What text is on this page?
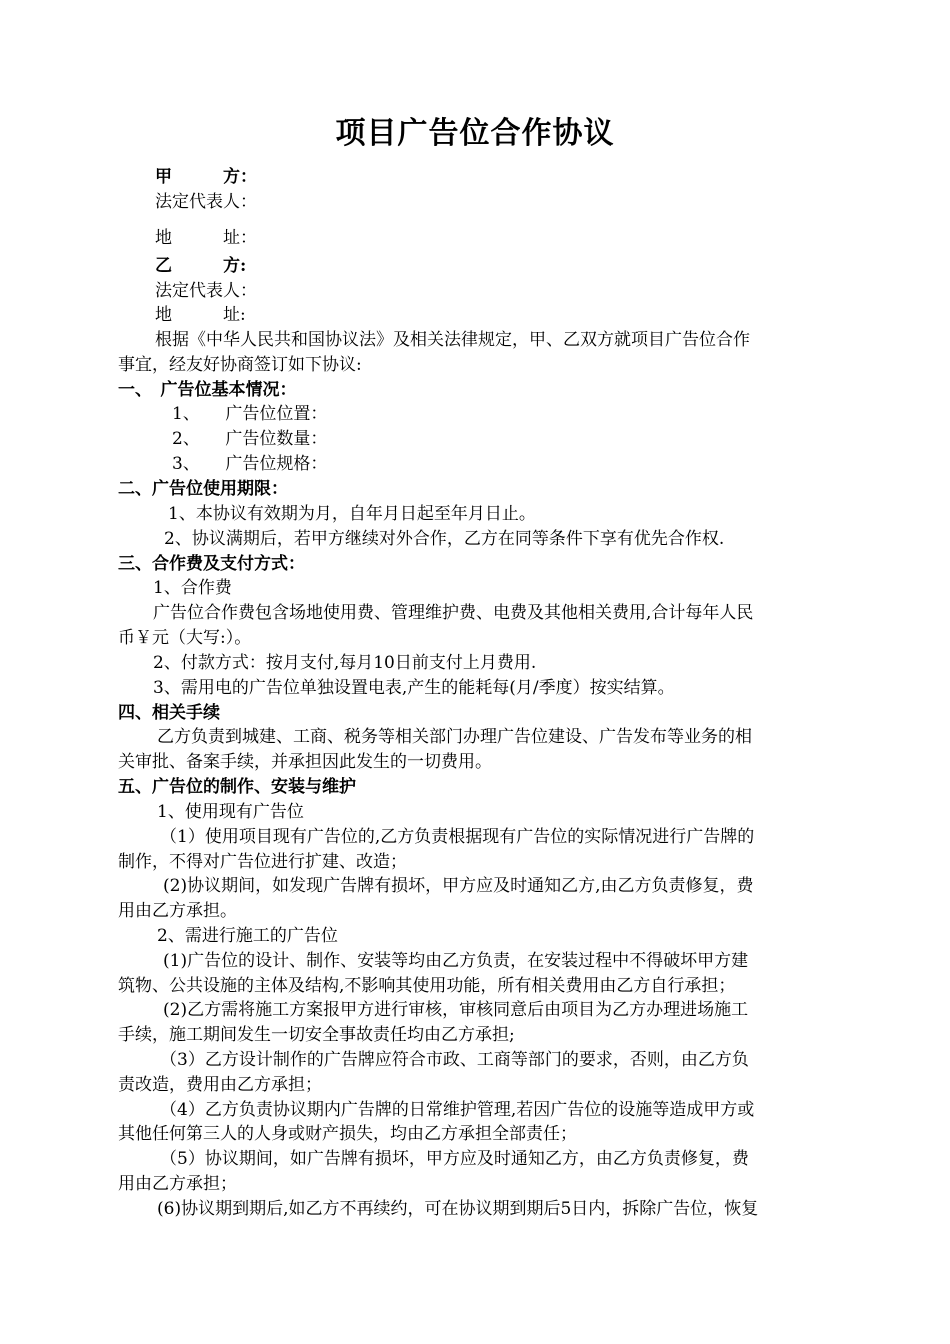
项目广告位合作协议
甲　　　方：
法定代表人：
地　　　址：
乙　　　方:
法定代表人：
地　　　址:
根据《中华人民共和国协议法》及相关法律规定，甲、乙双方就项目广告位合作
事宜，经友好协商签订如下协议:
一、　广告位基本情况：
1、　　广告位位置：
2、　　广告位数量：
3、　　广告位规格：
二、广告位使用期限：
1、本协议有效期为月，自年月日起至年月日止。
2、协议满期后，若甲方继续对外合作，乙方在同等条件下享有优先合作权.
三、合作费及支付方式：
1、合作费
广告位合作费包含场地使用费、管理维护费、电费及其他相关费用,合计每年人民
币￥元（大写:）。
2、付款方式：按月支付,每月10日前支付上月费用.
3、需用电的广告位单独设置电表,产生的能耗每(月/季度）按实结算。
四、相关手续
乙方负责到城建、工商、税务等相关部门办理广告位建设、广告发布等业务的相
关审批、备案手续，并承担因此发生的一切费用。
五、广告位的制作、安装与维护
1、使用现有广告位
（1）使用项目现有广告位的,乙方负责根据现有广告位的实际情况进行广告牌的
制作，不得对广告位进行扩建、改造；
(2)协议期间，如发现广告牌有损坏，甲方应及时通知乙方,由乙方负责修复，费
用由乙方承担。
2、需进行施工的广告位
(1)广告位的设计、制作、安装等均由乙方负责，在安装过程中不得破坏甲方建
筑物、公共设施的主体及结构,不影响其使用功能，所有相关费用由乙方自行承担；
(2)乙方需将施工方案报甲方进行审核，审核同意后由项目为乙方办理进场施工
手续，施工期间发生一切安全事故责任均由乙方承担;
（3）乙方设计制作的广告牌应符合市政、工商等部门的要求，否则，由乙方负
责改造，费用由乙方承担；
（4）乙方负责协议期内广告牌的日常维护管理,若因广告位的设施等造成甲方或
其他任何第三人的人身或财产损失，均由乙方承担全部责任；
（5）协议期间，如广告牌有损坏，甲方应及时通知乙方，由乙方负责修复，费
用由乙方承担；
(6)协议期到期后,如乙方不再续约，可在协议期到期后5日内，拆除广告位，恢复
